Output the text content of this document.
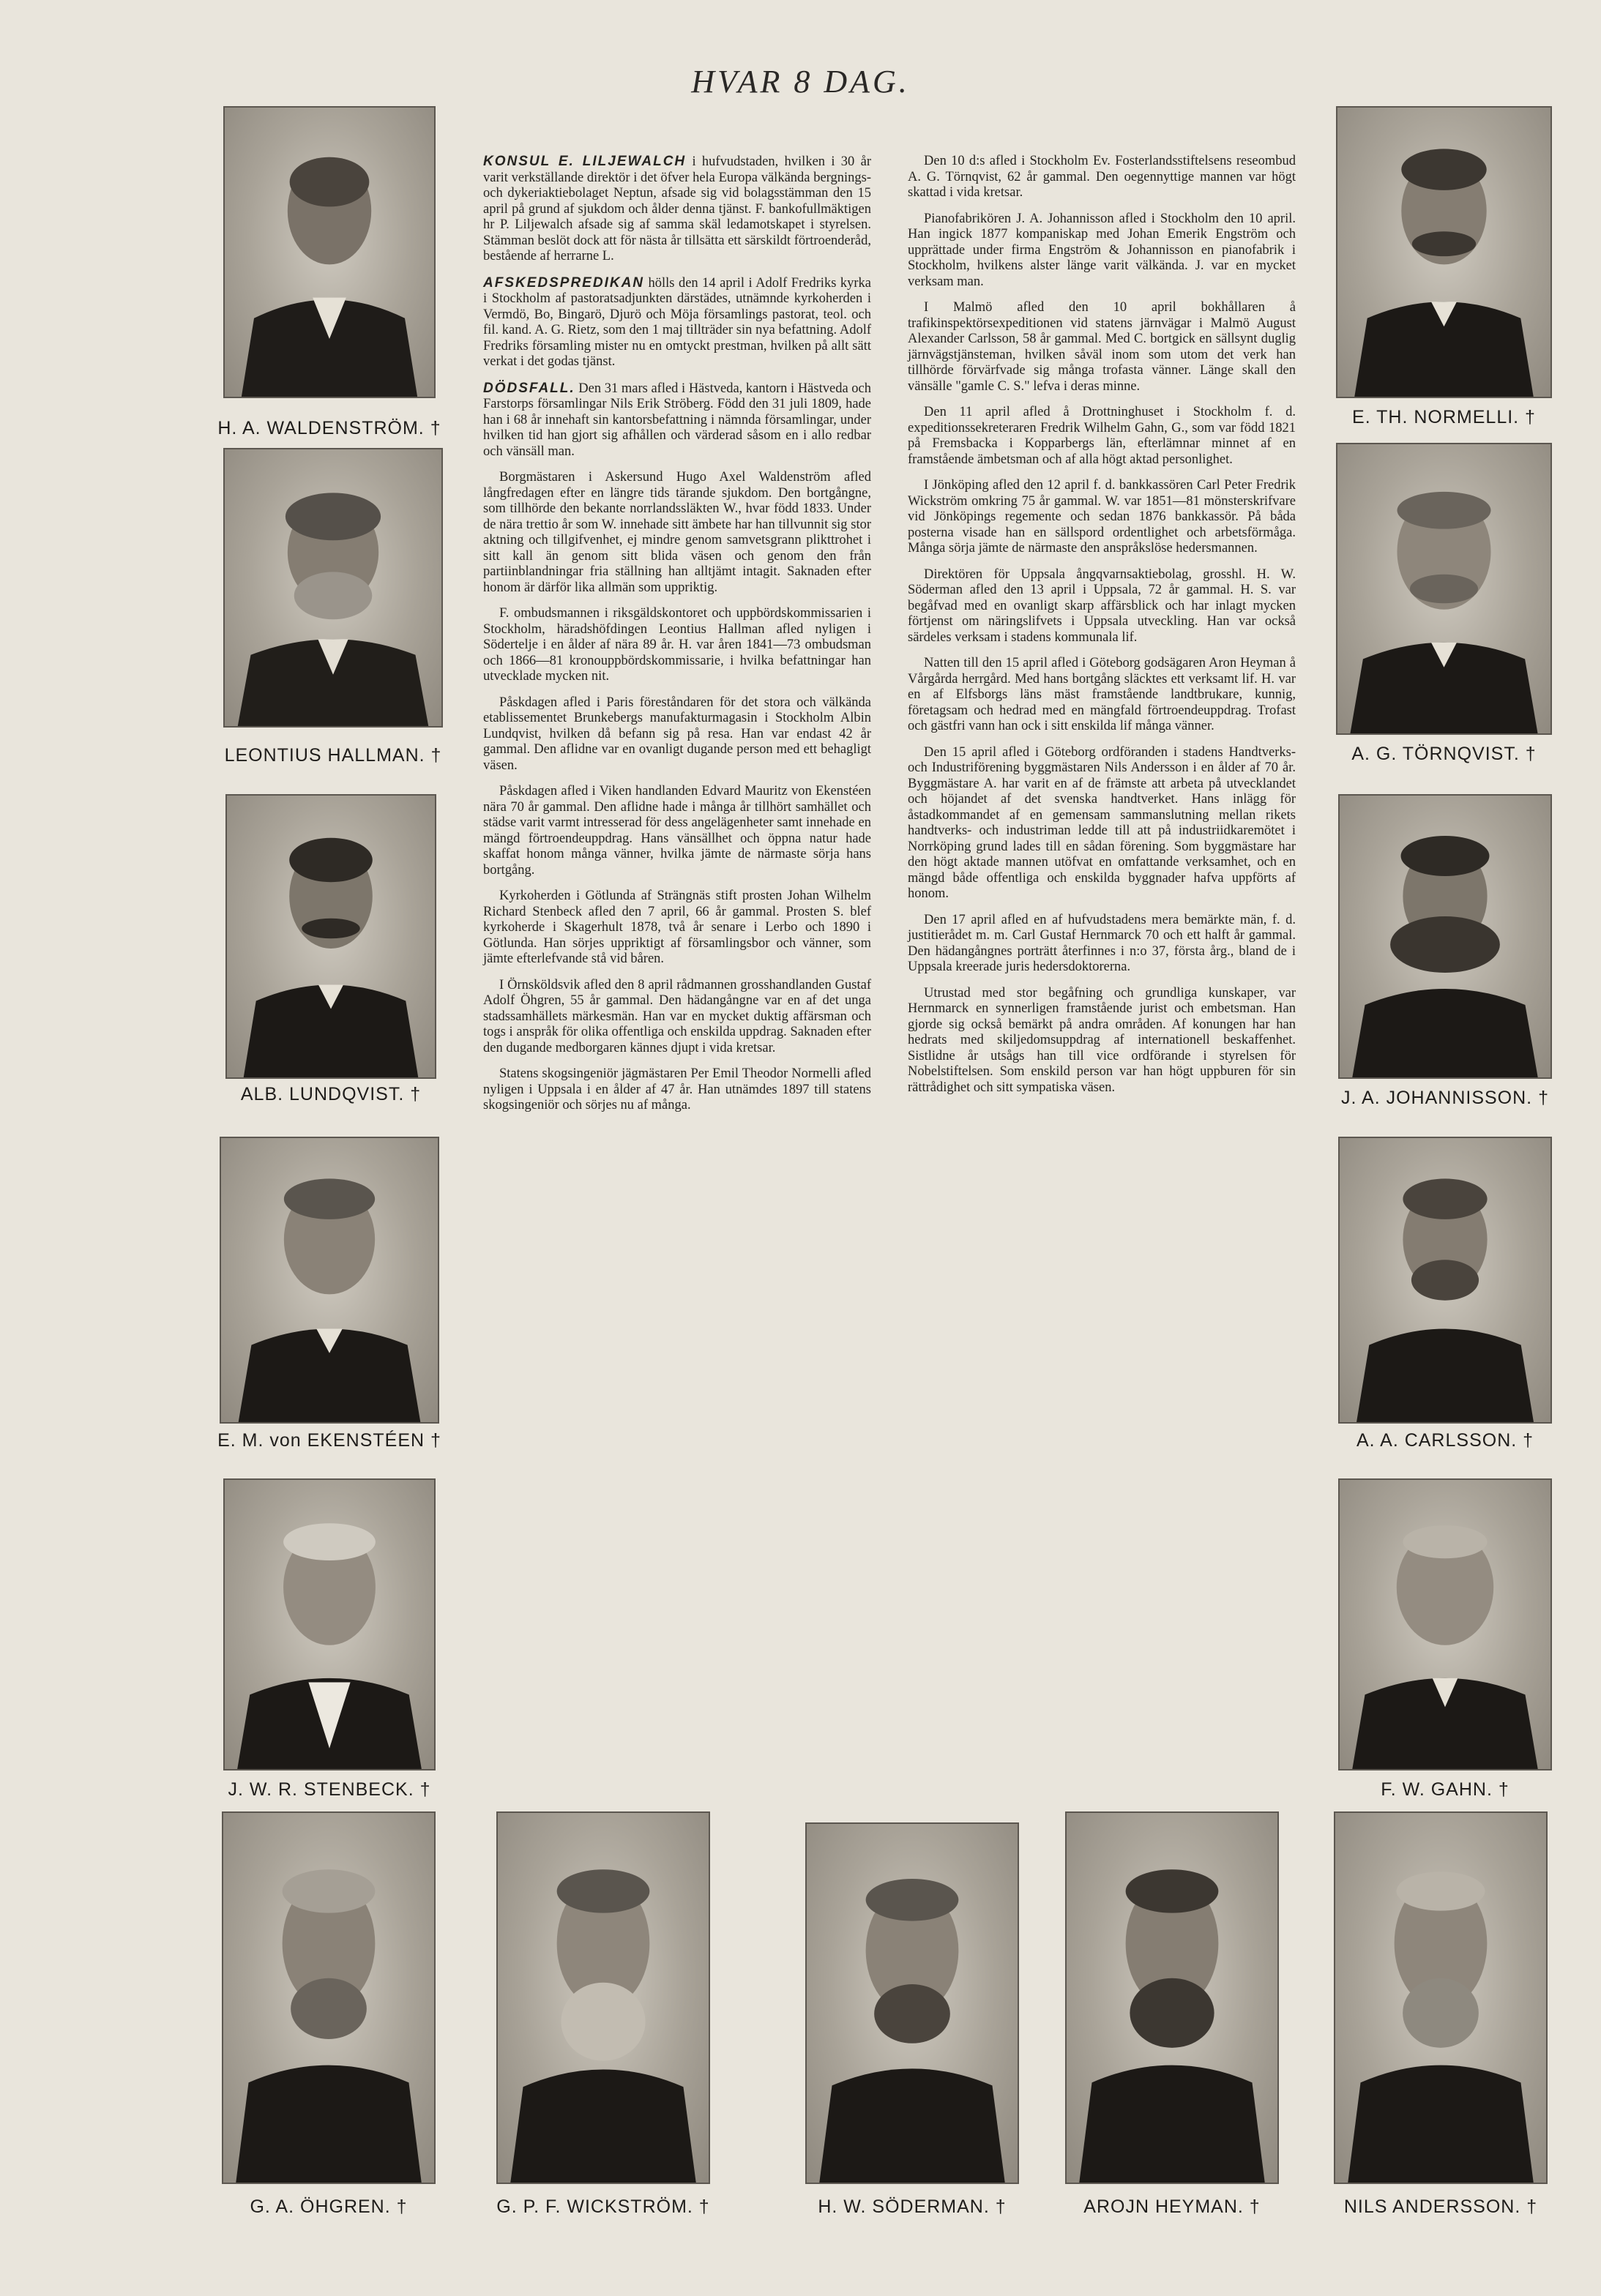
HVAR 8 DAG.
H. A. WALDENSTRÖM. †
LEONTIUS HALLMAN. †
ALB. LUNDQVIST. †
E. M. von EKENSTÉEN †
J. W. R. STENBECK. †
E. TH. NORMELLI. †
A. G. TÖRNQVIST. †
J. A. JOHANNISSON. †
A. A. CARLSSON. †
F. W. GAHN. †
G. A. ÖHGREN. †	G. P. F. WICKSTRÖM. †	H. W. SÖDERMAN. †	AROJN HEYMAN. †	NILS ANDERSSON. †

KONSUL E. LILJEWALCH i hufvudstaden, hvilken i 30 år varit verkställande direktör i det öfver hela Europa välkända bergnings- och dykeriaktiebolaget Neptun, afsade sig vid bolagsstämman den 15 april på grund af sjukdom och ålder denna tjänst. F. bankofullmäktigen hr P. Liljewalch afsade sig af samma skäl ledamotskapet i styrelsen. Stämman beslöt dock att för nästa år tillsätta ett särskildt förtroenderåd, bestående af herrarne L.

AFSKEDSPREDIKAN hölls den 14 april i Adolf Fredriks kyrka i Stockholm af pastoratsadjunkten därstädes, utnämnde kyrkoherden i Vermdö, Bo, Bingarö, Djurö och Möja församlings pastorat, teol. och fil. kand. A. G. Rietz, som den 1 maj tillträder sin nya befattning. Adolf Fredriks församling mister nu en omtyckt prestman, hvilken på allt sätt verkat i det godas tjänst.

DÖDSFALL. Den 31 mars afled i Hästveda, kantorn i Hästveda och Farstorps församlingar Nils Erik Ströberg. Född den 31 juli 1809, hade han i 68 år innehaft sin kantorsbefattning i nämnda församlingar, under hvilken tid han gjort sig afhållen och värderad såsom en i allo redbar och vänsäll man.

Borgmästaren i Askersund Hugo Axel Waldenström afled långfredagen efter en längre tids tärande sjukdom. Den bortgångne, som tillhörde den bekante norrlandssläkten W., hvar född 1833. Under de nära trettio år som W. innehade sitt ämbete har han tillvunnit sig stor aktning och tillgifvenhet, ej mindre genom samvetsgrann plikttrohet i sitt kall än genom sitt blida väsen och genom den från partiinblandningar fria ställning han alltjämt intagit. Saknaden efter honom är därför lika allmän som uppriktig.

F. ombudsmannen i riksgäldskontoret och uppbördskommissarien i Stockholm, häradshöfdingen Leontius Hallman afled nyligen i Södertelje i en ålder af nära 89 år. H. var åren 1841—73 ombudsman och 1866—81 kronouppbördskommissarie, i hvilka befattningar han utvecklade mycken nit.

Påskdagen afled i Paris föreståndaren för det stora och välkända etablissementet Brunkebergs manufakturmagasin i Stockholm Albin Lundqvist, hvilken då befann sig på resa. Han var endast 42 år gammal. Den aflidne var en ovanligt dugande person med ett behagligt väsen.

Påskdagen afled i Viken handlanden Edvard Mauritz von Ekenstéen nära 70 år gammal. Den aflidne hade i många år tillhört samhället och städse varit varmt intresserad för dess angelägenheter samt innehade en mängd förtroendeuppdrag. Hans vänsällhet och öppna natur hade skaffat honom många vänner, hvilka jämte de närmaste sörja hans bortgång.

Kyrkoherden i Götlunda af Strängnäs stift prosten Johan Wilhelm Richard Stenbeck afled den 7 april, 66 år gammal. Prosten S. blef kyrkoherde i Skagerhult 1878, två år senare i Lerbo och 1890 i Götlunda. Han sörjes uppriktigt af församlingsbor och vänner, som jämte efterlefvande stå vid båren.

I Örnsköldsvik afled den 8 april rådmannen grosshandlanden Gustaf Adolf Öhgren, 55 år gammal. Den hädangångne var en af det unga stadssamhällets märkesmän. Han var en mycket duktig affärsman och togs i anspråk för olika offentliga och enskilda uppdrag. Saknaden efter den dugande medborgaren kännes djupt i vida kretsar.

Statens skogsingeniör jägmästaren Per Emil Theodor Normelli afled nyligen i Uppsala i en ålder af 47 år. Han utnämdes 1897 till statens skogsingeniör och sörjes nu af många.

Den 10 d:s afled i Stockholm Ev. Fosterlandsstiftelsens reseombud A. G. Törnqvist, 62 år gammal. Den oegennyttige mannen var högt skattad i vida kretsar.

Pianofabrikören J. A. Johannisson afled i Stockholm den 10 april. Han ingick 1877 kompaniskap med Johan Emerik Engström och upprättade under firma Engström & Johannisson en pianofabrik i Stockholm, hvilkens alster länge varit välkända. J. var en mycket verksam man.

I Malmö afled den 10 april bokhållaren å trafikinspektörsexpeditionen vid statens järnvägar i Malmö August Alexander Carlsson, 58 år gammal. Med C. bortgick en sällsynt duglig järnvägstjänsteman, hvilken såväl inom som utom det verk han tillhörde förvärfvade sig många trofasta vänner. Länge skall den vänsälle "gamle C. S." lefva i deras minne.

Den 11 april afled å Drottninghuset i Stockholm f. d. expeditionssekreteraren Fredrik Wilhelm Gahn, G., som var född 1821 på Fremsbacka i Kopparbergs län, efterlämnar minnet af en framstående ämbetsman och af alla högt aktad personlighet.

I Jönköping afled den 12 april f. d. bankkassören Carl Peter Fredrik Wickström omkring 75 år gammal. W. var 1851—81 mönsterskrifvare vid Jönköpings regemente och sedan 1876 bankkassör. På båda posterna visade han en sällspord ordentlighet och arbetsförmåga. Många sörja jämte de närmaste den anspråkslöse hedersmannen.

Direktören för Uppsala ångqvarnsaktiebolag, grosshl. H. W. Söderman afled den 13 april i Uppsala, 72 år gammal. H. S. var begåfvad med en ovanligt skarp affärsblick och har inlagt mycken förtjenst om näringslifvets i Uppsala utveckling. Han var också särdeles verksam i stadens kommunala lif.

Natten till den 15 april afled i Göteborg godsägaren Aron Heyman å Vårgårda herrgård. Med hans bortgång släcktes ett verksamt lif. H. var en af Elfsborgs läns mäst framstående landtbrukare, kunnig, företagsam och hedrad med en mängfald förtroendeuppdrag. Trofast och gästfri vann han ock i sitt enskilda lif många vänner.

Den 15 april afled i Göteborg ordföranden i stadens Handtverks- och Industriförening byggmästaren Nils Andersson i en ålder af 70 år. Byggmästare A. har varit en af de främste att arbeta på utvecklandet och höjandet af det svenska handtverket. Hans inlägg för åstadkommandet af en gemensam sammanslutning mellan rikets handtverks- och industriman ledde till att på industriidkaremötet i Norrköping grund lades till en sådan förening. Som byggmästare har den högt aktade mannen utöfvat en omfattande verksamhet, och en mängd både offentliga och enskilda byggnader hafva uppförts af honom.

Den 17 april afled en af hufvudstadens mera bemärkte män, f. d. justitierådet m. m. Carl Gustaf Hernmarck 70 och ett halft år gammal. Den hädangångnes porträtt återfinnes i n:o 37, första årg., bland de i Uppsala kreerade juris hedersdoktorerna.

Utrustad med stor begåfning och grundliga kunskaper, var Hernmarck en synnerligen framstående jurist och embetsman. Han gjorde sig också bemärkt på andra områden. Af konungen har han hedrats med skiljedomsuppdrag af internationell beskaffenhet. Sistlidne år utsågs han till vice ordförande i styrelsen för Nobelstiftelsen. Som enskild person var han högt uppburen för sin rättrådighet och sitt sympatiska väsen.
